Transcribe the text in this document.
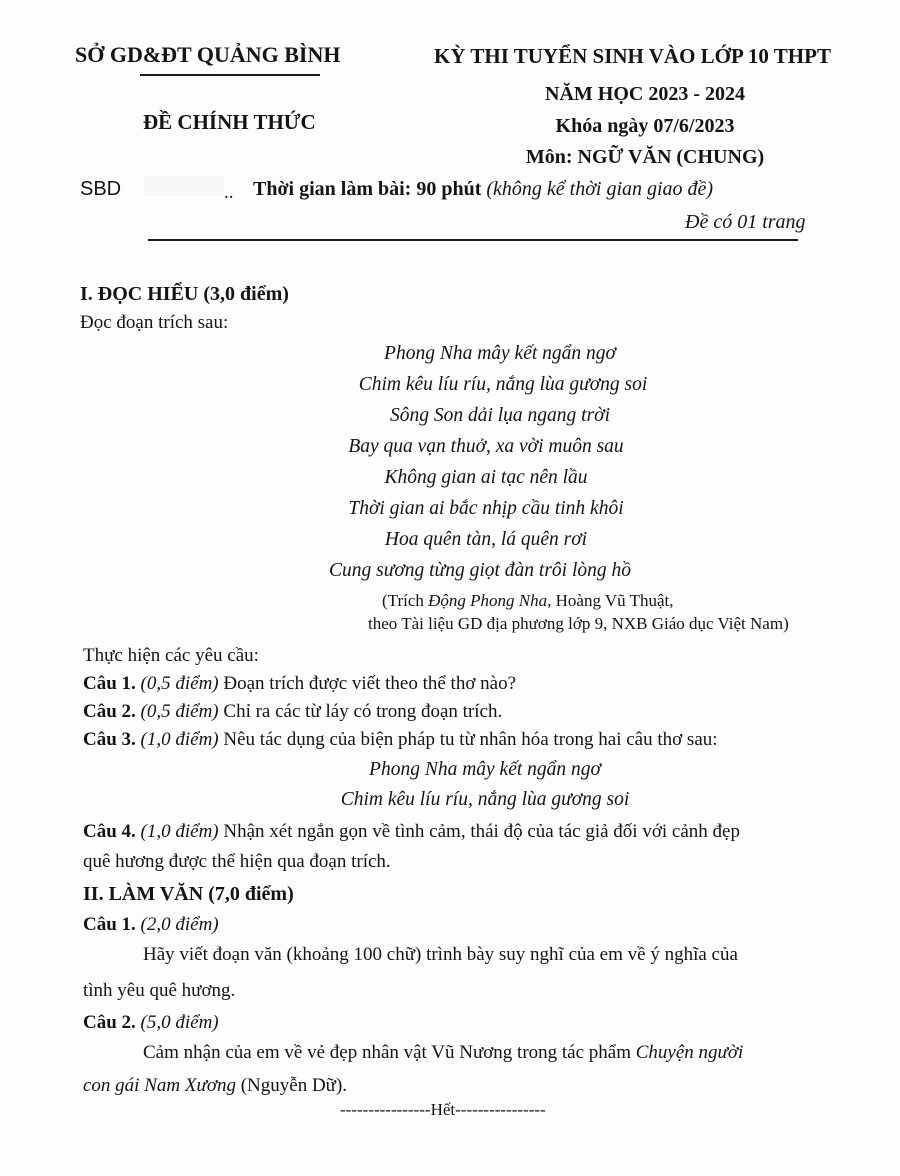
SỞ GD&ĐT QUẢNG BÌNH
ĐỀ CHÍNH THỨC
KỲ THI TUYỂN SINH VÀO LỚP 10 THPT
NĂM HỌC 2023 - 2024
Khóa ngày 07/6/2023
Môn: NGỮ VĂN (CHUNG)
SBD	.. Thời gian làm bài: 90 phút (không kể thời gian giao đề)
Đề có 01 trang
I. ĐỌC HIỂU (3,0 điểm)
Đọc đoạn trích sau:
Phong Nha mây kết ngẩn ngơ
Chim kêu líu ríu, nắng lùa gương soi
Sông Son dải lụa ngang trời
Bay qua vạn thuở, xa vời muôn sau
Không gian ai tạc nên lầu
Thời gian ai bắc nhịp cầu tinh khôi
Hoa quên tàn, lá quên rơi
Cung sương từng giọt đàn trôi lòng hồ
(Trích Động Phong Nha, Hoàng Vũ Thuật,
theo Tài liệu GD địa phương lớp 9, NXB Giáo dục Việt Nam)
Thực hiện các yêu cầu:
Câu 1. (0,5 điểm) Đoạn trích được viết theo thể thơ nào?
Câu 2. (0,5 điểm) Chỉ ra các từ láy có trong đoạn trích.
Câu 3. (1,0 điểm) Nêu tác dụng của biện pháp tu từ nhân hóa trong hai câu thơ sau:
Phong Nha mây kết ngẩn ngơ
Chim kêu líu ríu, nắng lùa gương soi
Câu 4. (1,0 điểm) Nhận xét ngắn gọn về tình cảm, thái độ của tác giả đối với cảnh đẹp
quê hương được thể hiện qua đoạn trích.
II. LÀM VĂN (7,0 điểm)
Câu 1. (2,0 điểm)
Hãy viết đoạn văn (khoảng 100 chữ) trình bày suy nghĩ của em về ý nghĩa của
tình yêu quê hương.
Câu 2. (5,0 điểm)
Cảm nhận của em về vẻ đẹp nhân vật Vũ Nương trong tác phẩm Chuyện người
con gái Nam Xương (Nguyễn Dữ).
----------------Hết----------------
